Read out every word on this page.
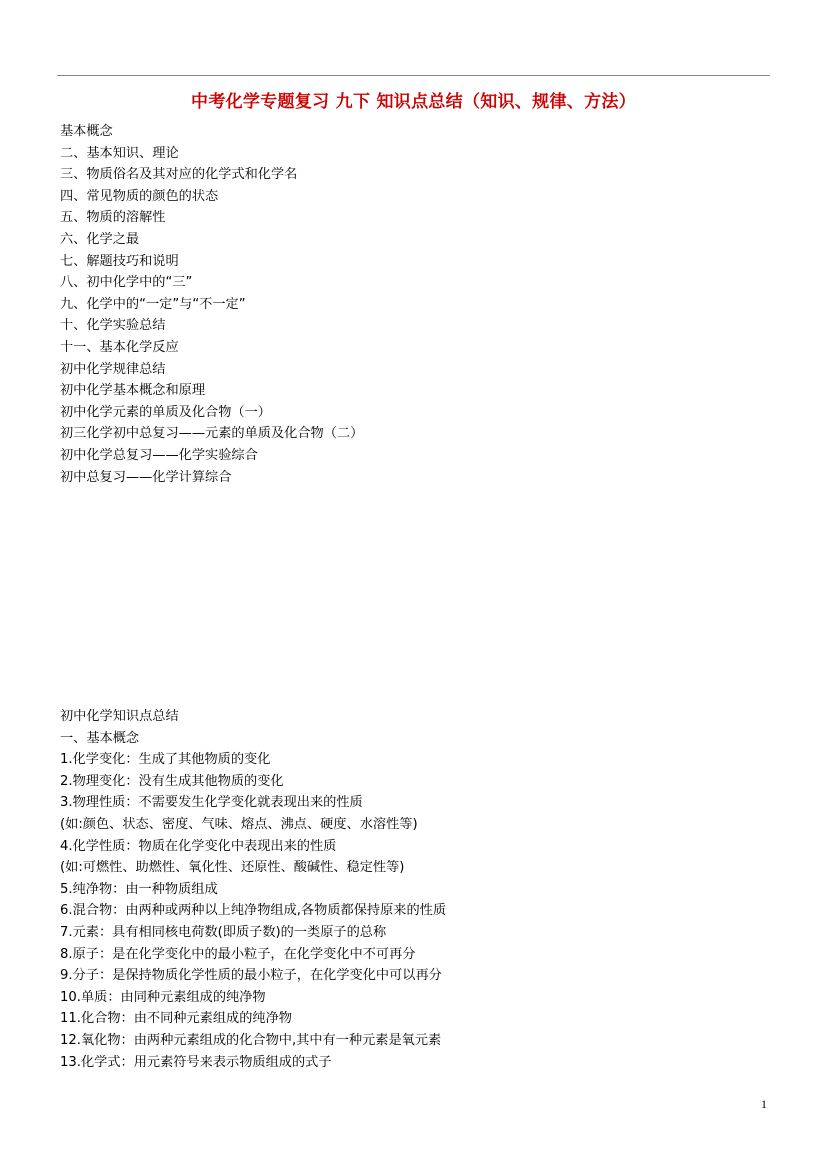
中考化学专题复习 九下 知识点总结（知识、规律、方法）
基本概念
二、基本知识、理论
三、物质俗名及其对应的化学式和化学名
四、常见物质的颜色的状态
五、物质的溶解性
六、化学之最
七、解题技巧和说明
八、初中化学中的“三”
九、化学中的“一定”与“不一定”
十、化学实验总结
十一、基本化学反应
初中化学规律总结
初中化学基本概念和原理
初中化学元素的单质及化合物（一）
初三化学初中总复习——元素的单质及化合物（二）
初中化学总复习——化学实验综合
初中总复习——化学计算综合
初中化学知识点总结
一、基本概念
1.化学变化：生成了其他物质的变化
2.物理变化：没有生成其他物质的变化
3.物理性质：不需要发生化学变化就表现出来的性质
(如:颜色、状态、密度、气味、熔点、沸点、硬度、水溶性等)
4.化学性质：物质在化学变化中表现出来的性质
(如:可燃性、助燃性、氧化性、还原性、酸碱性、稳定性等)
5.纯净物：由一种物质组成
6.混合物：由两种或两种以上纯净物组成,各物质都保持原来的性质
7.元素：具有相同核电荷数(即质子数)的一类原子的总称
8.原子：是在化学变化中的最小粒子，在化学变化中不可再分
9.分子：是保持物质化学性质的最小粒子，在化学变化中可以再分
10.单质：由同种元素组成的纯净物
11.化合物：由不同种元素组成的纯净物
12.氧化物：由两种元素组成的化合物中,其中有一种元素是氧元素
13.化学式：用元素符号来表示物质组成的式子
1
